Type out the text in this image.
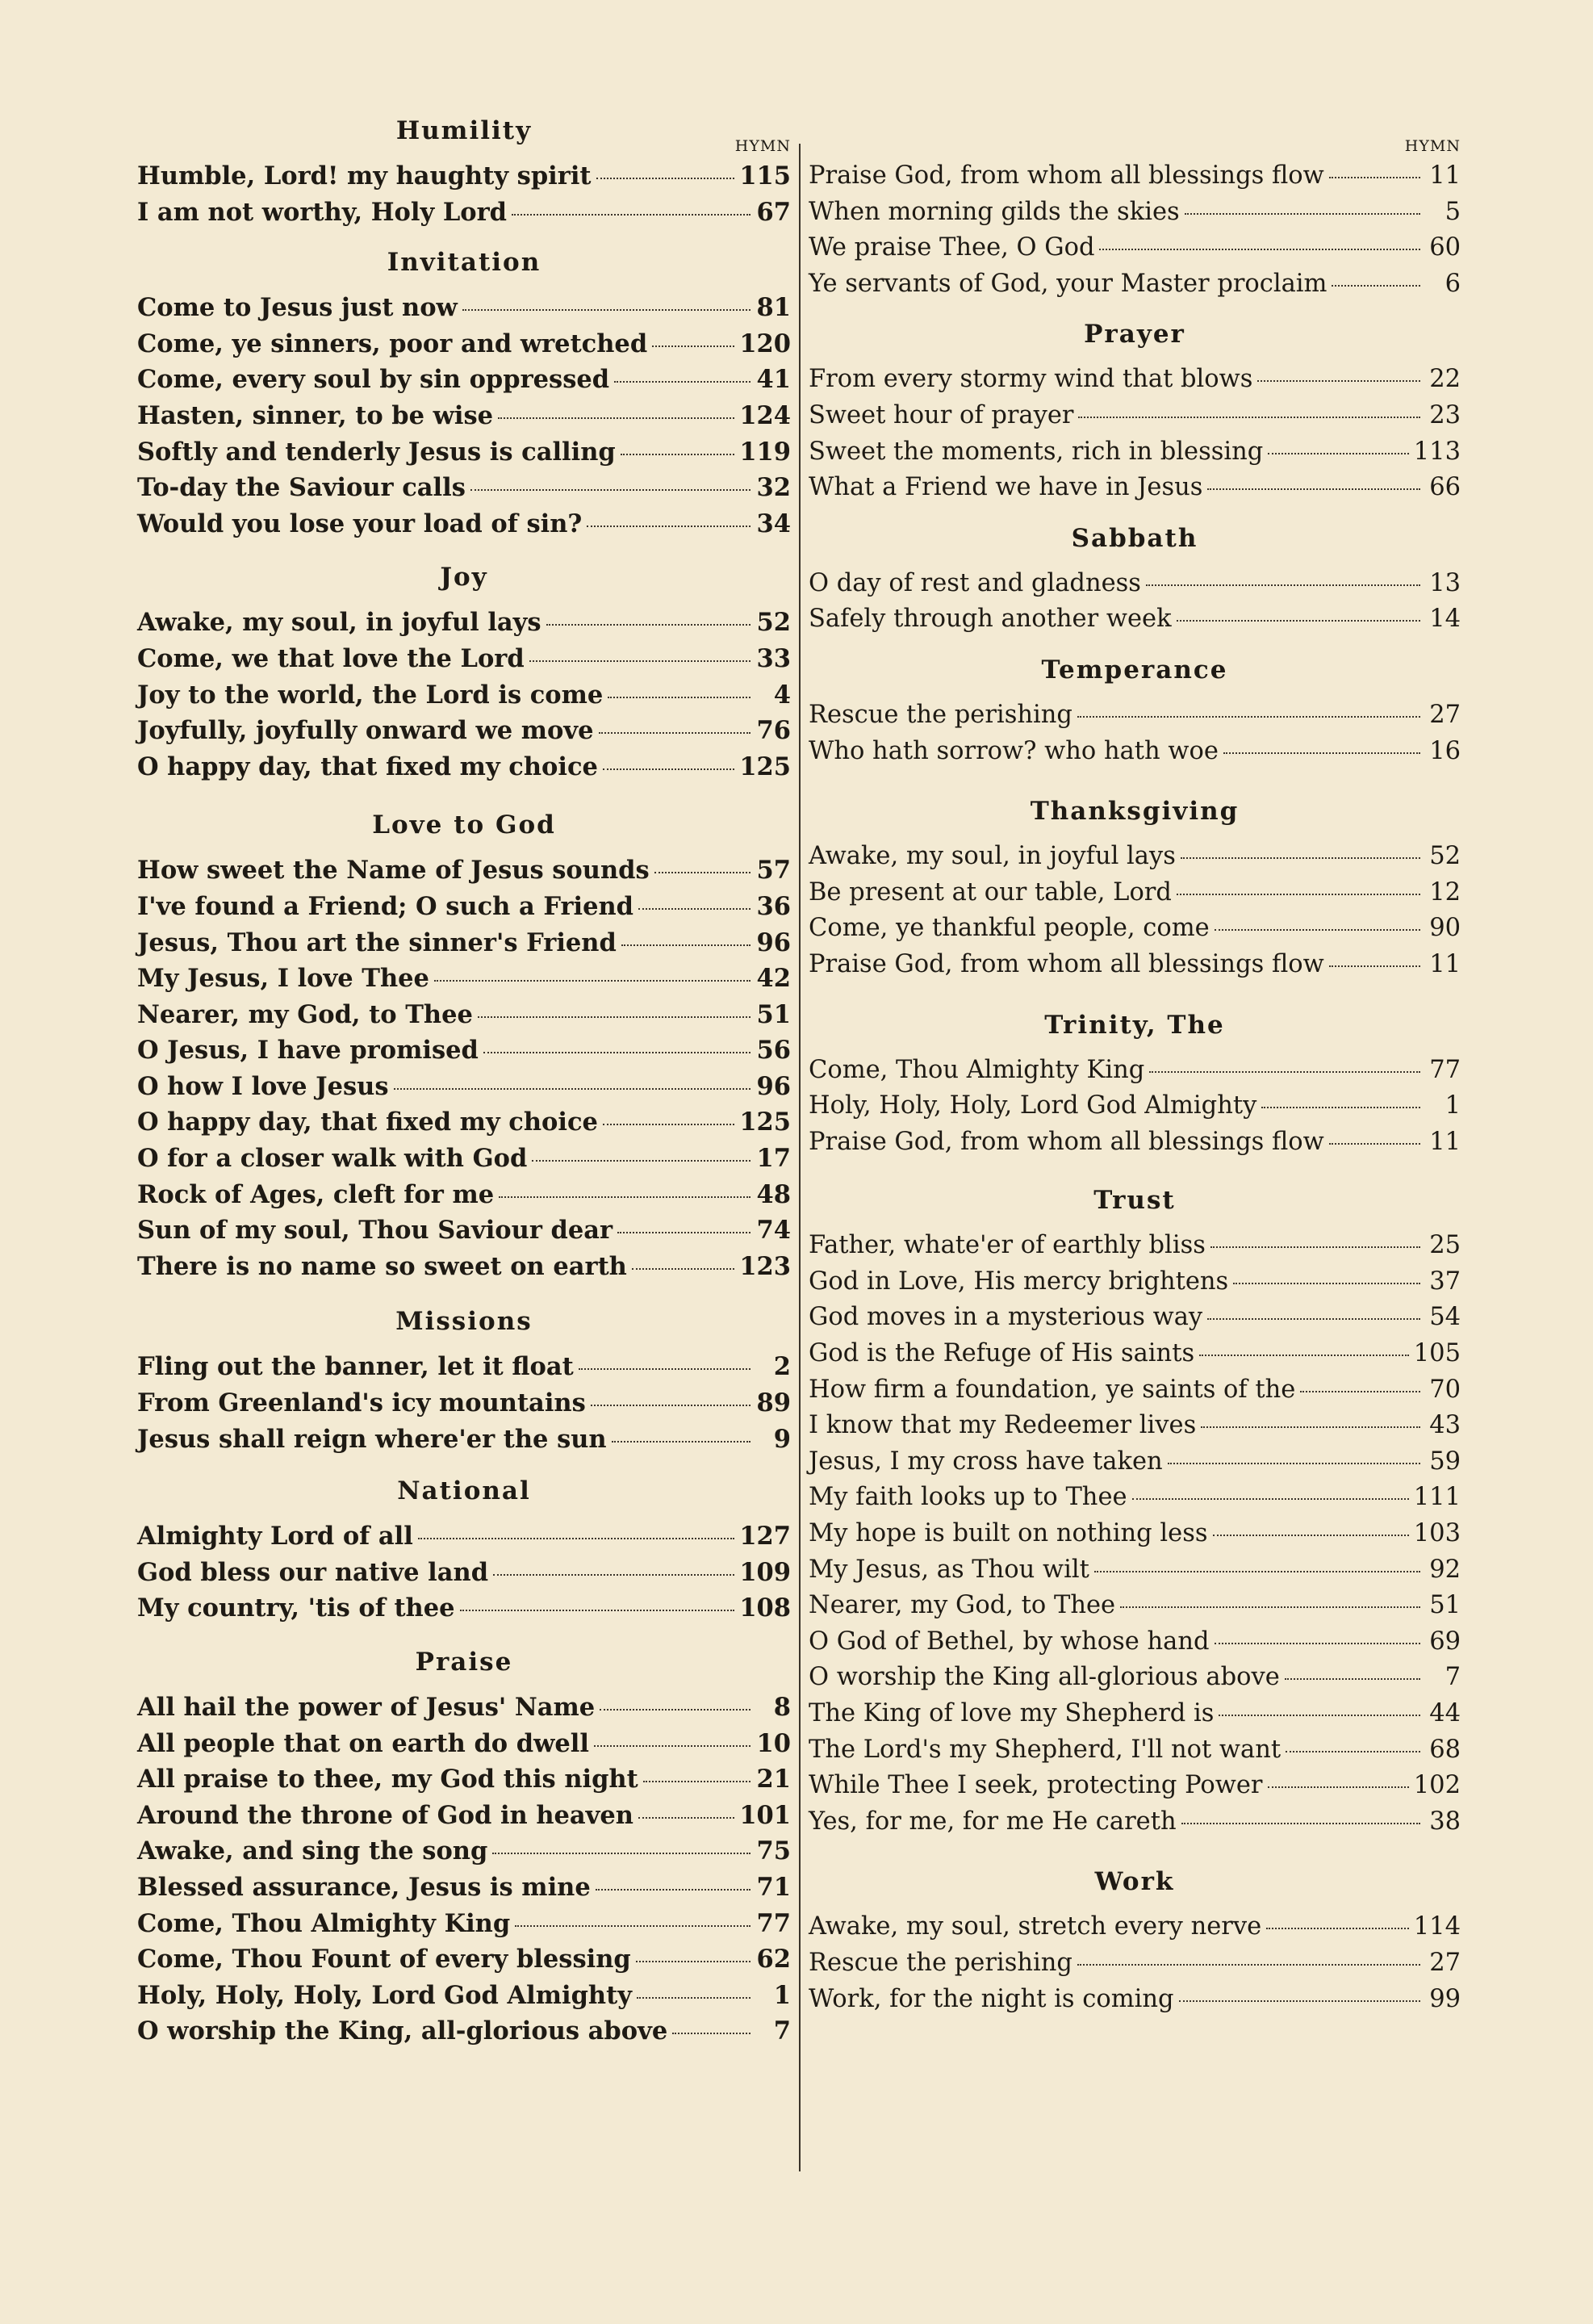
Humility
HYMN
Humble, Lord! my haughty spirit	115
I am not worthy, Holy Lord	67
Invitation
Come to Jesus just now	81
Come, ye sinners, poor and wretched	120
Come, every soul by sin oppressed	41
Hasten, sinner, to be wise	124
Softly and tenderly Jesus is calling	119
To-day the Saviour calls	32
Would you lose your load of sin?	34
Joy
Awake, my soul, in joyful lays	52
Come, we that love the Lord	33
Joy to the world, the Lord is come	4
Joyfully, joyfully onward we move	76
O happy day, that fixed my choice	125
Love to God
How sweet the Name of Jesus sounds	57
I've found a Friend; O such a Friend	36
Jesus, Thou art the sinner's Friend	96
My Jesus, I love Thee	42
Nearer, my God, to Thee	51
O Jesus, I have promised	56
O how I love Jesus	96
O happy day, that fixed my choice	125
O for a closer walk with God	17
Rock of Ages, cleft for me	48
Sun of my soul, Thou Saviour dear	74
There is no name so sweet on earth	123
Missions
Fling out the banner, let it float	2
From Greenland's icy mountains	89
Jesus shall reign where'er the sun	9
National
Almighty Lord of all	127
God bless our native land	109
My country, 'tis of thee	108
Praise
All hail the power of Jesus' Name	8
All people that on earth do dwell	10
All praise to thee, my God this night	21
Around the throne of God in heaven	101
Awake, and sing the song	75
Blessed assurance, Jesus is mine	71
Come, Thou Almighty King	77
Come, Thou Fount of every blessing	62
Holy, Holy, Holy, Lord God Almighty	1
O worship the King, all-glorious above	7
HYMN
Praise God, from whom all blessings flow	11
When morning gilds the skies	5
We praise Thee, O God	60
Ye servants of God, your Master proclaim	6
Prayer
From every stormy wind that blows	22
Sweet hour of prayer	23
Sweet the moments, rich in blessing	113
What a Friend we have in Jesus	66
Sabbath
O day of rest and gladness	13
Safely through another week	14
Temperance
Rescue the perishing	27
Who hath sorrow? who hath woe	16
Thanksgiving
Awake, my soul, in joyful lays	52
Be present at our table, Lord	12
Come, ye thankful people, come	90
Praise God, from whom all blessings flow	11
Trinity, The
Come, Thou Almighty King	77
Holy, Holy, Holy, Lord God Almighty	1
Praise God, from whom all blessings flow	11
Trust
Father, whate'er of earthly bliss	25
God in Love, His mercy brightens	37
God moves in a mysterious way	54
God is the Refuge of His saints	105
How firm a foundation, ye saints of the	70
I know that my Redeemer lives	43
Jesus, I my cross have taken	59
My faith looks up to Thee	111
My hope is built on nothing less	103
My Jesus, as Thou wilt	92
Nearer, my God, to Thee	51
O God of Bethel, by whose hand	69
O worship the King all-glorious above	7
The King of love my Shepherd is	44
The Lord's my Shepherd, I'll not want	68
While Thee I seek, protecting Power	102
Yes, for me, for me He careth	38
Work
Awake, my soul, stretch every nerve	114
Rescue the perishing	27
Work, for the night is coming	99
